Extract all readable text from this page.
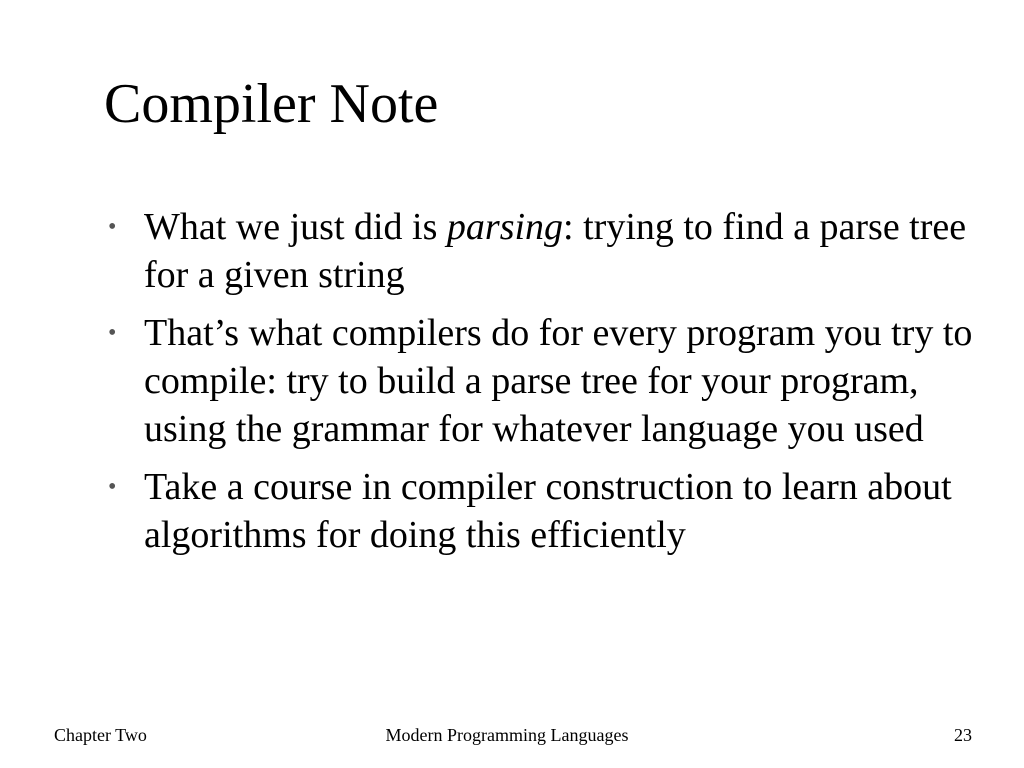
Compiler Note
• What we just did is parsing: trying to find a parse tree for a given string
• That’s what compilers do for every program you try to compile: try to build a parse tree for your program, using the grammar for whatever language you used
• Take a course in compiler construction to learn about algorithms for doing this efficiently
Chapter Two	Modern Programming Languages	23
